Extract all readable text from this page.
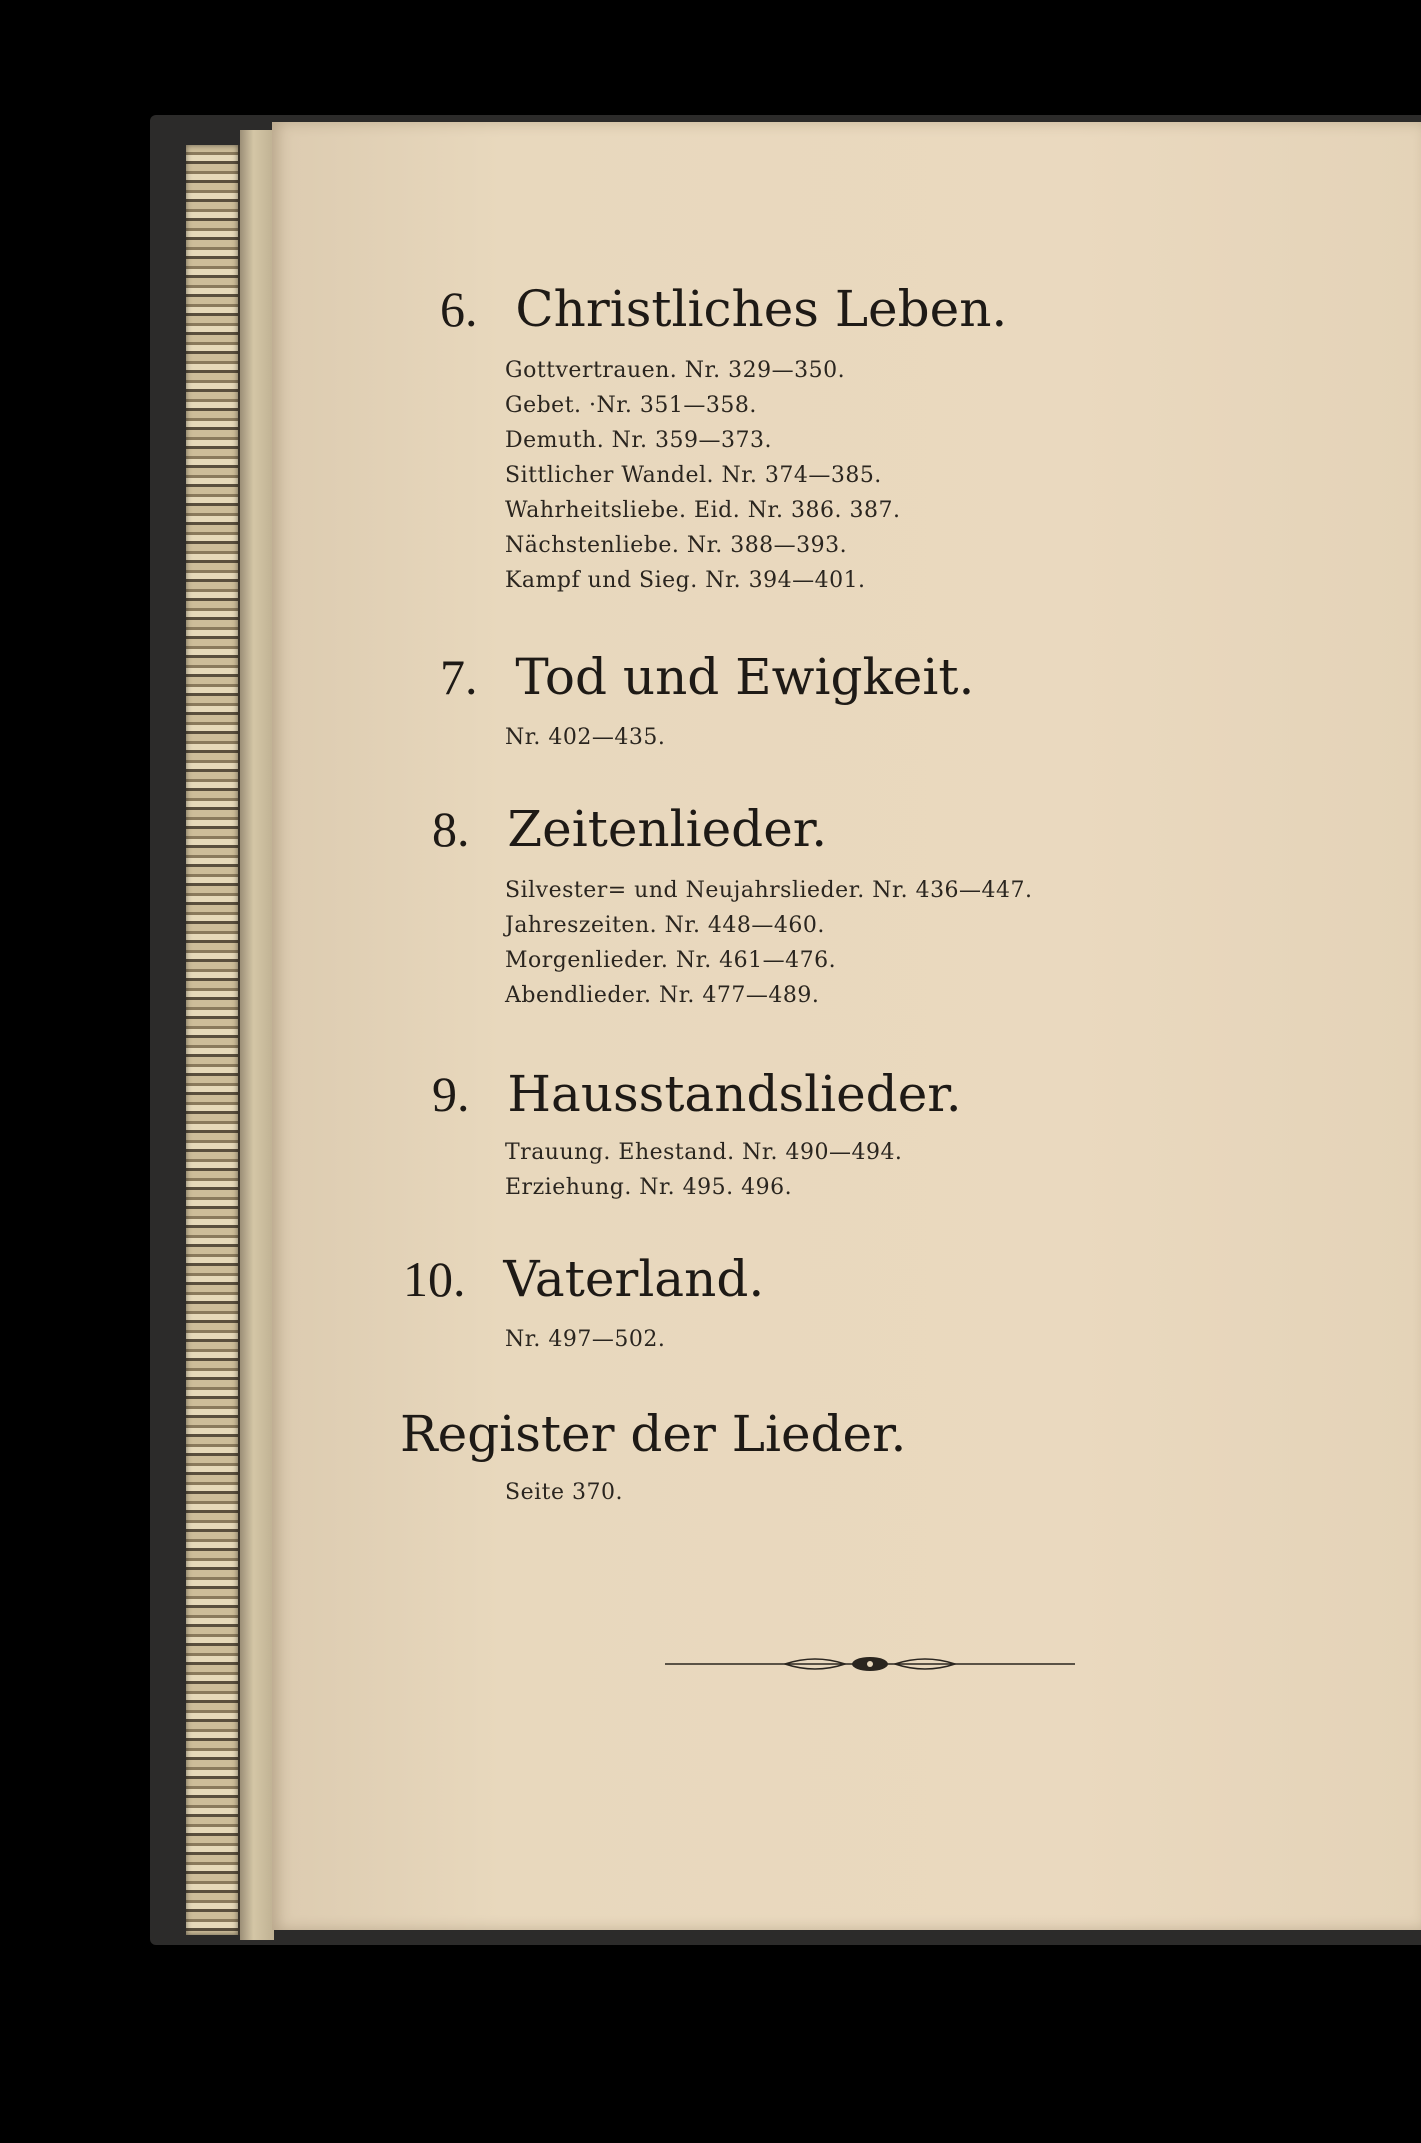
6. Christliches Leben.
Gottvertrauen. Nr. 329—350.
Gebet. ·Nr. 351—358.
Demuth. Nr. 359—373.
Sittlicher Wandel. Nr. 374—385.
Wahrheitsliebe. Eid. Nr. 386. 387.
Nächstenliebe. Nr. 388—393.
Kampf und Sieg. Nr. 394—401.
7. Tod und Ewigkeit.
Nr. 402—435.
8. Zeitenlieder.
Silvester= und Neujahrslieder. Nr. 436—447.
Jahreszeiten. Nr. 448—460.
Morgenlieder. Nr. 461—476.
Abendlieder. Nr. 477—489.
9. Hausstandslieder.
Trauung. Ehestand. Nr. 490—494.
Erziehung. Nr. 495. 496.
10. Vaterland.
Nr. 497—502.
Register der Lieder.
Seite 370.
